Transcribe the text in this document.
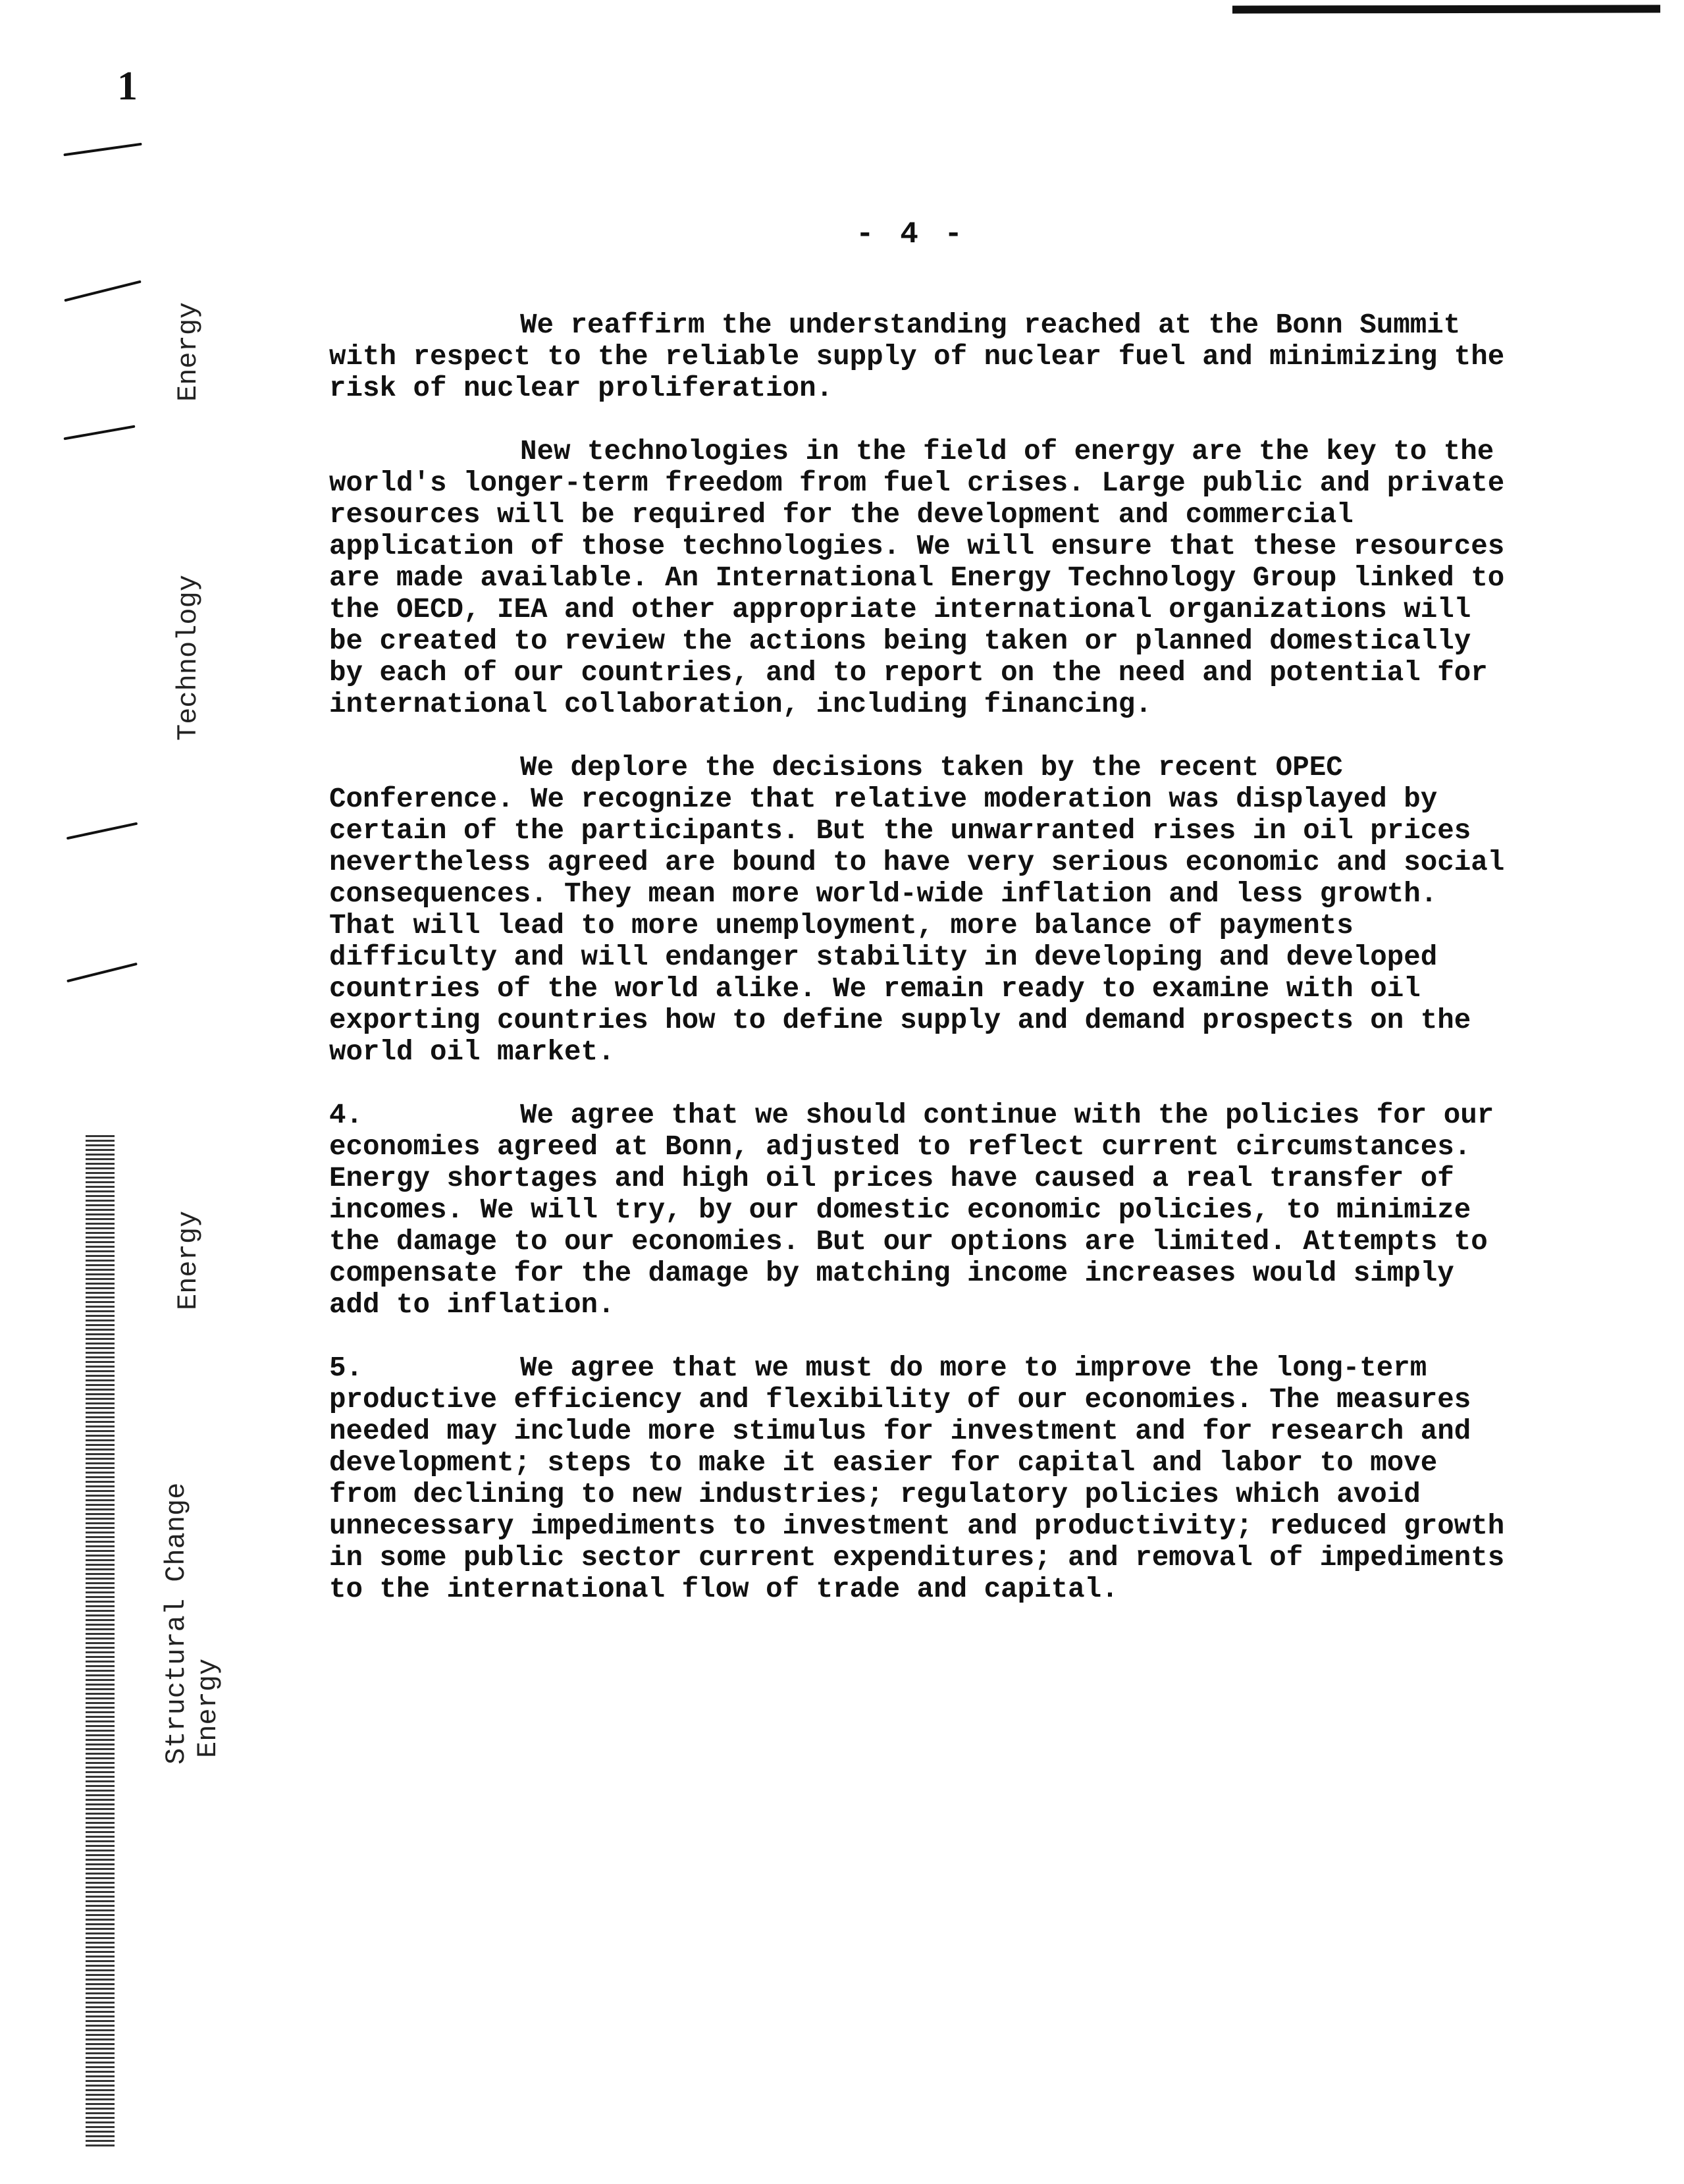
1
Energy
Technology
Energy
Structural Change Energy
- 4 -

We reaffirm the understanding reached at the Bonn Summit with respect to the reliable supply of nuclear fuel and minimizing the risk of nuclear proliferation.

New technologies in the field of energy are the key to the world's longer-term freedom from fuel crises. Large public and private resources will be required for the development and commercial application of those technologies. We will ensure that these resources are made available. An International Energy Technology Group linked to the OECD, IEA and other appropriate international organizations will be created to review the actions being taken or planned domestically by each of our countries, and to report on the need and potential for international collaboration, including financing.

We deplore the decisions taken by the recent OPEC Conference. We recognize that relative moderation was displayed by certain of the participants. But the unwarranted rises in oil prices nevertheless agreed are bound to have very serious economic and social consequences. They mean more world-wide inflation and less growth. That will lead to more unemployment, more balance of payments difficulty and will endanger stability in developing and developed countries of the world alike. We remain ready to examine with oil exporting countries how to define supply and demand prospects on the world oil market.

4.	We agree that we should continue with the policies for our economies agreed at Bonn, adjusted to reflect current circumstances. Energy shortages and high oil prices have caused a real transfer of incomes. We will try, by our domestic economic policies, to minimize the damage to our economies. But our options are limited. Attempts to compensate for the damage by matching income increases would simply add to inflation.

5.	We agree that we must do more to improve the long-term productive efficiency and flexibility of our economies. The measures needed may include more stimulus for investment and for research and development; steps to make it easier for capital and labor to move from declining to new industries; regulatory policies which avoid unnecessary impediments to investment and productivity; reduced growth in some public sector current expenditures; and removal of impediments to the international flow of trade and capital.
